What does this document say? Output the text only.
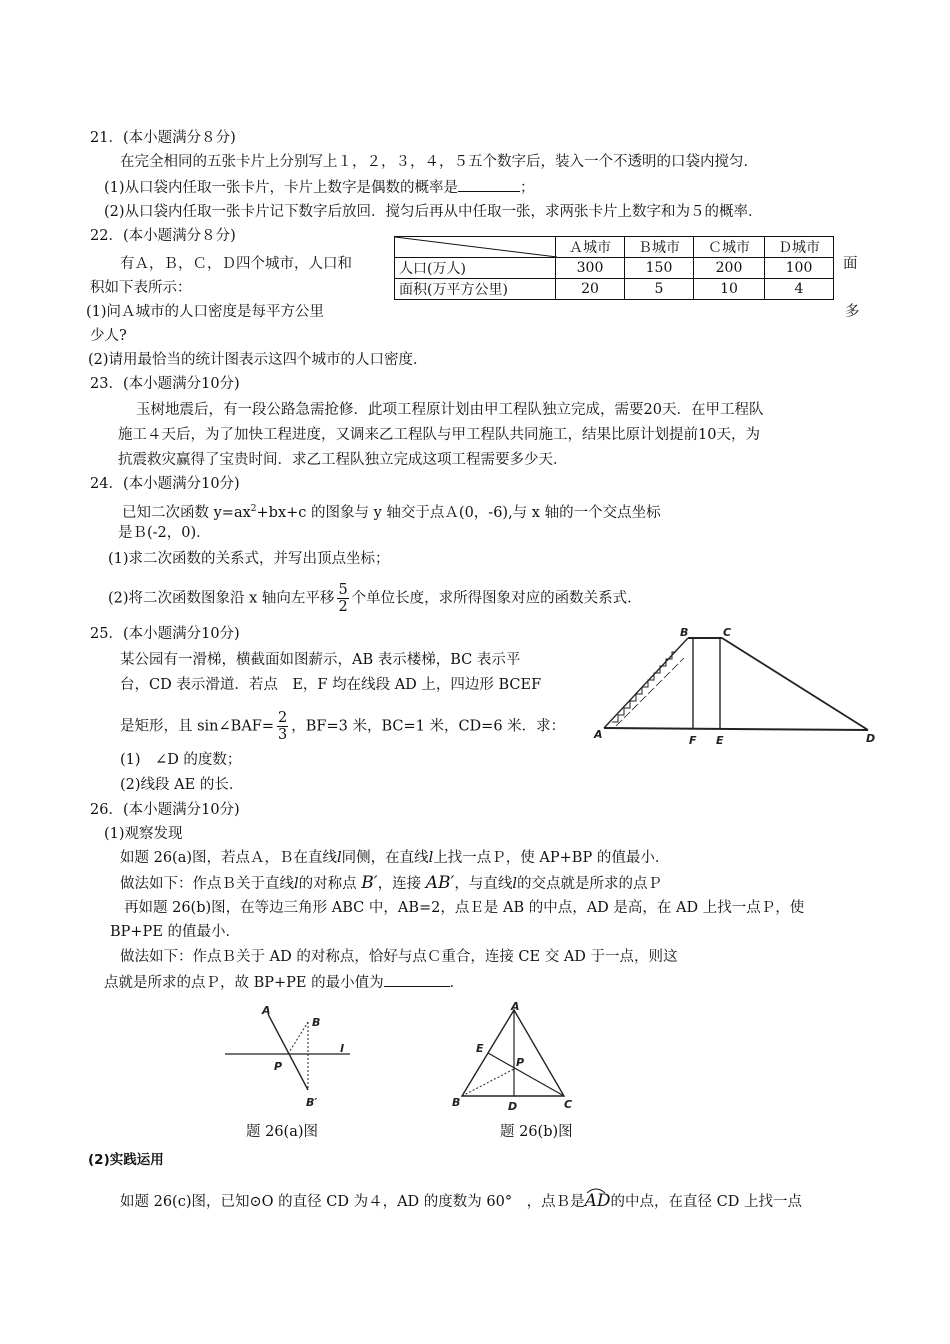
21．(本小题满分８分)
在完全相同的五张卡片上分别写上１，２，３，４，５五个数字后，装入一个不透明的口袋内搅匀．
(1)从口袋内任取一张卡片，卡片上数字是偶数的概率是	；
(2)从口袋内任取一张卡片记下数字后放回．搅匀后再从中任取一张，求两张卡片上数字和为５的概率．
22．(本小题满分８分)
有Ａ，Ｂ，Ｃ，Ｄ四个城市，人口和	面
积如下表所示：
(1)问Ａ城市的人口密度是每平方公里	多
少人?
(2)请用最恰当的统计图表示这四个城市的人口密度．
	Ａ城市	Ｂ城市	Ｃ城市	Ｄ城市
人口(万人)	300	150	200	100
面积(万平方公里)	20	5	10	4
23．(本小题满分10分)
玉树地震后，有一段公路急需抢修．此项工程原计划由甲工程队独立完成，需要20天．在甲工程队
施工４天后，为了加快工程进度，又调来乙工程队与甲工程队共同施工，结果比原计划提前10天，为
抗震救灾赢得了宝贵时间．求乙工程队独立完成这项工程需要多少天．
24．(本小题满分10分)
已知二次函数 $y=ax^2+bx+c$ 的图象与 y 轴交于点Ａ(0，-6),与 x 轴的一个交点坐标
是Ｂ(-2，0)．
(1)求二次函数的关系式，并写出顶点坐标；
(2)将二次函数图象沿 x 轴向左平移 $\frac{5}{2}$ 个单位长度，求所得图象对应的函数关系式．
25．(本小题满分10分)
某公园有一滑梯，横截面如图薪示，AB 表示楼梯，BC 表示平
台，CD 表示滑道．若点　E，F 均在线段 AD 上，四边形 BCEF
是矩形，且 sin∠BAF= $\frac{2}{3}$ ，BF=3 米，BC=1 米，CD=6 米．求：
(1)　∠D 的度数；
(2)线段 AE 的长．
B	C
A	F E	D
26．(本小题满分10分)
(1)观察发现
如题 26(a)图，若点Ａ，Ｂ在直线l同侧，在直线l上找一点Ｐ，使 AP+BP 的值最小．
做法如下：作点Ｂ关于直线l的对称点 B′，连接 AB′，与直线l的交点就是所求的点Ｐ
再如题 26(b)图，在等边三角形 ABC 中，AB=2，点Ｅ是 AB 的中点，AD 是高，在 AD 上找一点Ｐ，使
BP+PE 的值最小．
做法如下：作点Ｂ关于 AD 的对称点，恰好与点Ｃ重合，连接 CE 交 AD 于一点，则这
点就是所求的点Ｐ，故 BP+PE 的最小值为	．
A
B
P
l
B′
题 26(a)图
A
E
P
B	D	C
题 26(b)图
(2)实践运用
如题 26(c)图，已知⊙O 的直径 CD 为４，AD 的度数为 60°　，点Ｂ是
AD的中点，在直径 CD 上找一点
